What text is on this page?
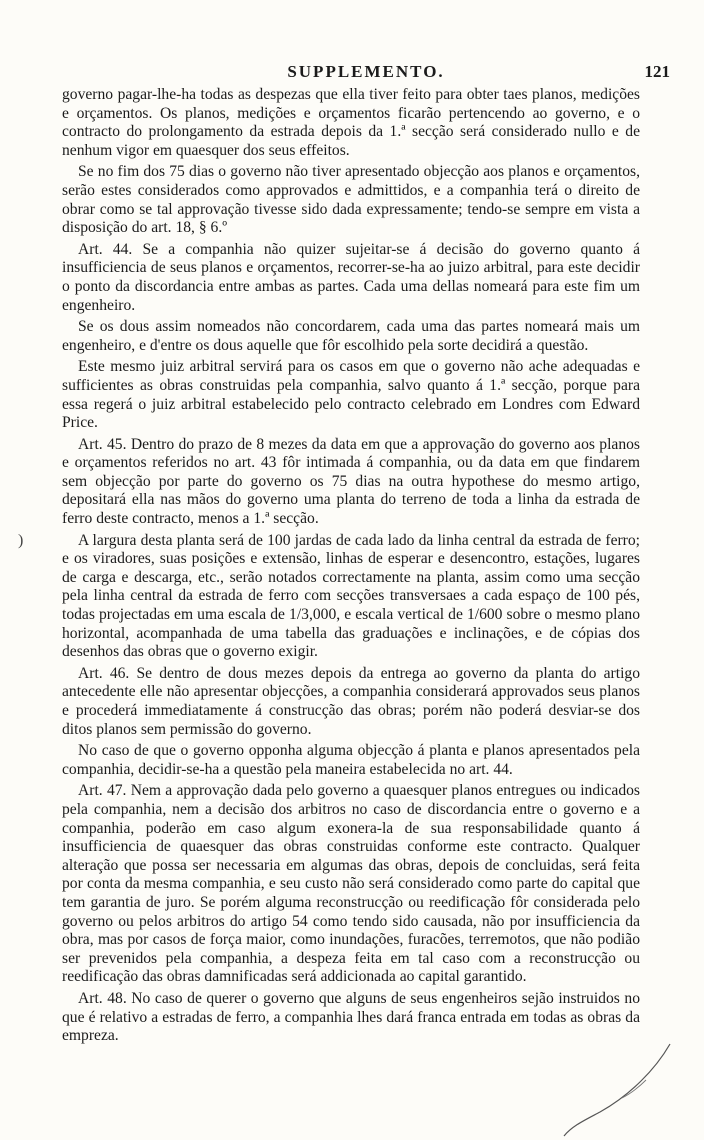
SUPPLEMENTO.	121
)

governo pagar-lhe-ha todas as despezas que ella tiver feito para obter taes planos, medições e orçamentos. Os planos, medições e orçamentos ficarão pertencendo ao governo, e o contracto do prolongamento da estrada depois da 1.ª secção será considerado nullo e de nenhum vigor em quaesquer dos seus effeitos.

Se no fim dos 75 dias o governo não tiver apresentado objecção aos planos e orçamentos, serão estes considerados como approvados e admittidos, e a companhia terá o direito de obrar como se tal approvação tivesse sido dada expressamente; tendo-se sempre em vista a disposição do art. 18, § 6.º

Art. 44. Se a companhia não quizer sujeitar-se á decisão do governo quanto á insufficiencia de seus planos e orçamentos, recorrer-se-ha ao juizo arbitral, para este decidir o ponto da discordancia entre ambas as partes. Cada uma dellas nomeará para este fim um engenheiro.

Se os dous assim nomeados não concordarem, cada uma das partes nomeará mais um engenheiro, e d'entre os dous aquelle que fôr escolhido pela sorte decidirá a questão.

Este mesmo juiz arbitral servirá para os casos em que o governo não ache adequadas e sufficientes as obras construidas pela companhia, salvo quanto á 1.ª secção, porque para essa regerá o juiz arbitral estabelecido pelo contracto celebrado em Londres com Edward Price.

Art. 45. Dentro do prazo de 8 mezes da data em que a approvação do governo aos planos e orçamentos referidos no art. 43 fôr intimada á companhia, ou da data em que findarem sem objecção por parte do governo os 75 dias na outra hypothese do mesmo artigo, depositará ella nas mãos do governo uma planta do terreno de toda a linha da estrada de ferro deste contracto, menos a 1.ª secção.

A largura desta planta será de 100 jardas de cada lado da linha central da estrada de ferro; e os viradores, suas posições e extensão, linhas de esperar e desencontro, estações, lugares de carga e descarga, etc., serão notados correctamente na planta, assim como uma secção pela linha central da estrada de ferro com secções transversaes a cada espaço de 100 pés, todas projectadas em uma escala de 1/3,000, e escala vertical de 1/600 sobre o mesmo plano horizontal, acompanhada de uma tabella das graduações e inclinações, e de cópias dos desenhos das obras que o governo exigir.

Art. 46. Se dentro de dous mezes depois da entrega ao governo da planta do artigo antecedente elle não apresentar objecções, a companhia considerará approvados seus planos e procederá immediatamente á construcção das obras; porém não poderá desviar-se dos ditos planos sem permissão do governo.

No caso de que o governo opponha alguma objecção á planta e planos apresentados pela companhia, decidir-se-ha a questão pela maneira estabelecida no art. 44.

Art. 47. Nem a approvação dada pelo governo a quaesquer planos entregues ou indicados pela companhia, nem a decisão dos arbitros no caso de discordancia entre o governo e a companhia, poderão em caso algum exonera-la de sua responsabilidade quanto á insufficiencia de quaesquer das obras construidas conforme este contracto. Qualquer alteração que possa ser necessaria em algumas das obras, depois de concluidas, será feita por conta da mesma companhia, e seu custo não será considerado como parte do capital que tem garantia de juro. Se porém alguma reconstrucção ou reedificação fôr considerada pelo governo ou pelos arbitros do artigo 54 como tendo sido causada, não por insufficiencia da obra, mas por casos de força maior, como inundações, furacões, terremotos, que não podião ser prevenidos pela companhia, a despeza feita em tal caso com a reconstrucção ou reedificação das obras damnificadas será addicionada ao capital garantido.

Art. 48. No caso de querer o governo que alguns de seus engenheiros sejão instruidos no que é relativo a estradas de ferro, a companhia lhes dará franca entrada em todas as obras da empreza.
